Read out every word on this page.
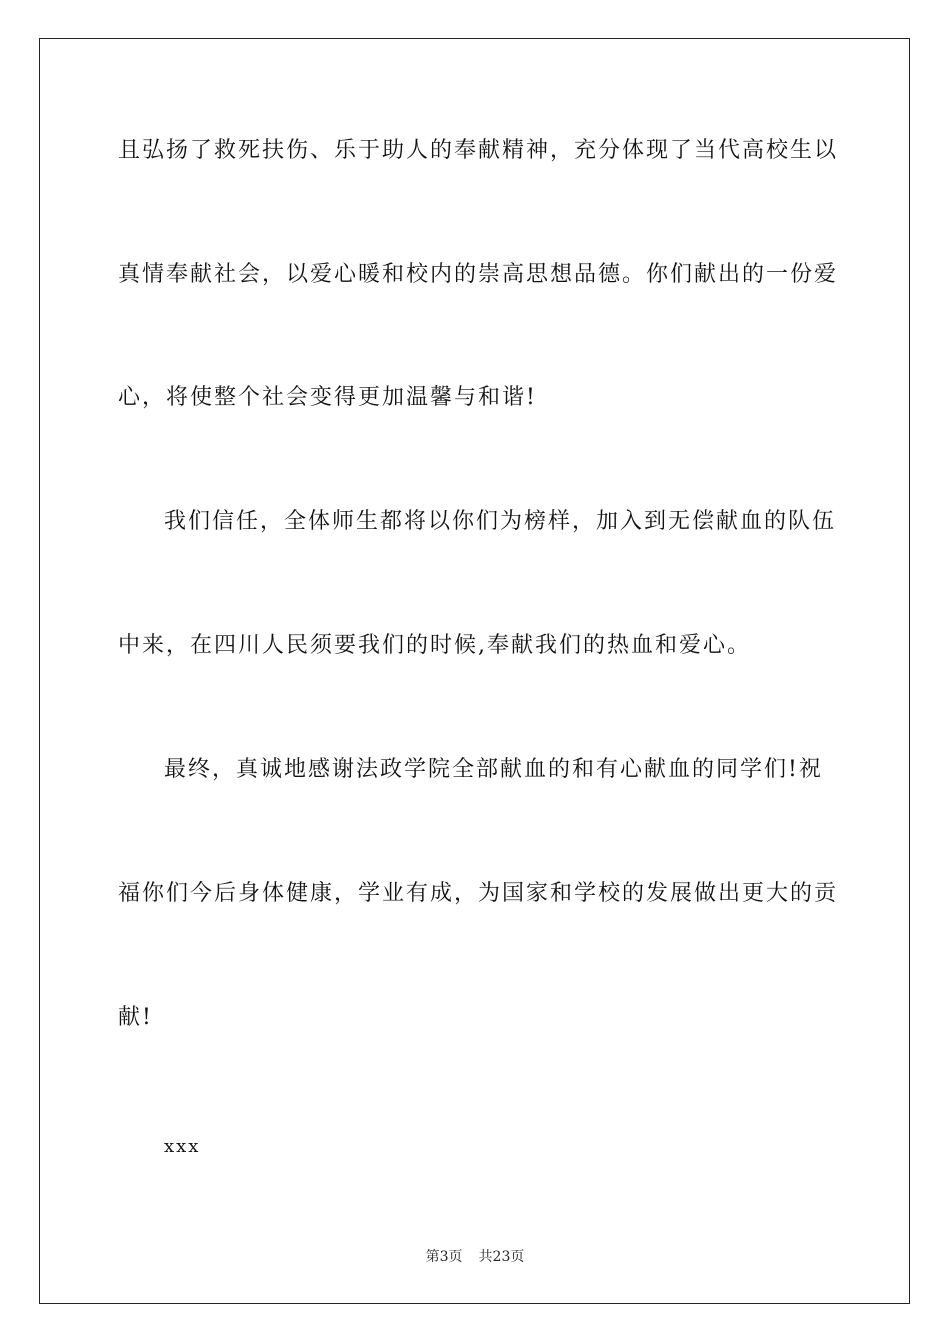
且弘扬了救死扶伤、乐于助人的奉献精神，充分体现了当代高校生以
真情奉献社会，以爱心暖和校内的崇高思想品德。你们献出的一份爱
心，将使整个社会变得更加温馨与和谐!
我们信任，全体师生都将以你们为榜样，加入到无偿献血的队伍
中来，在四川人民须要我们的时候,奉献我们的热血和爱心。
最终，真诚地感谢法政学院全部献血的和有心献血的同学们!祝
福你们今后身体健康，学业有成，为国家和学校的发展做出更大的贡
献!
xxx
第3页 共23页
